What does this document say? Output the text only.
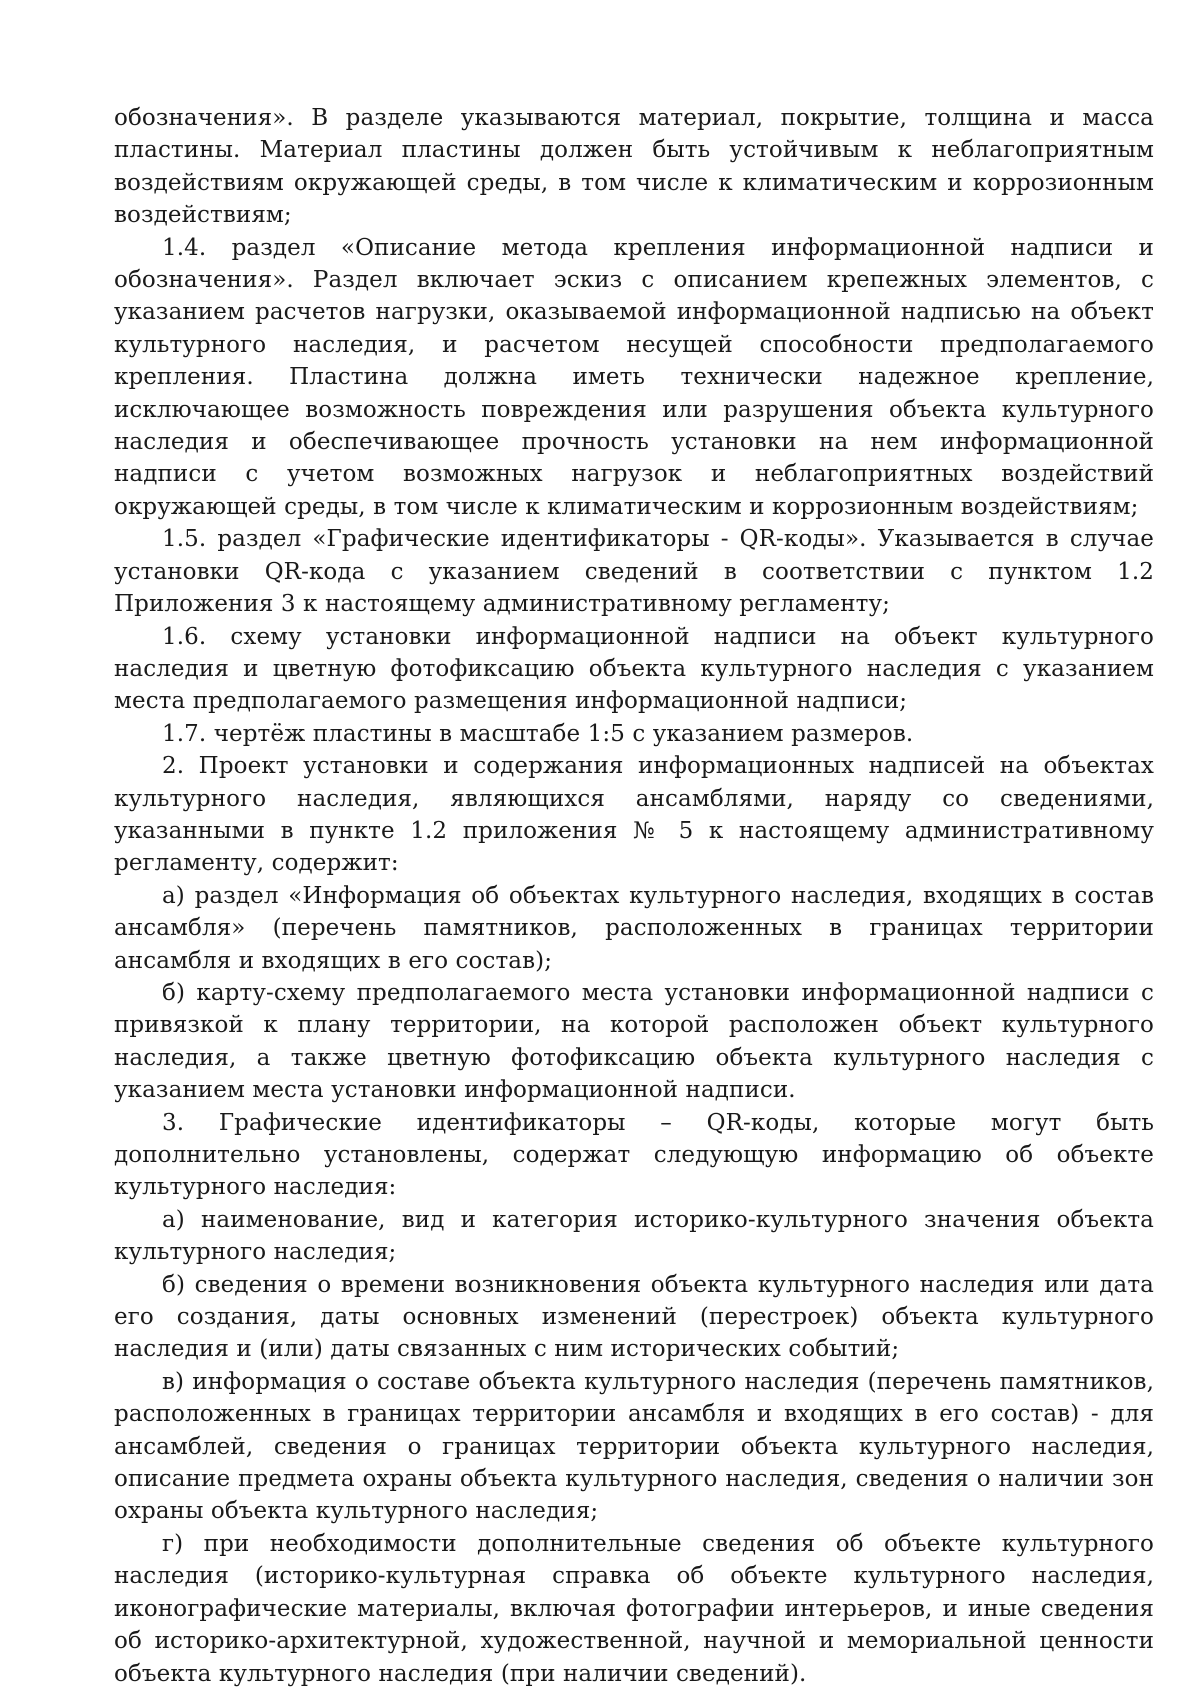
обозначения». В разделе указываются материал, покрытие, толщина и масса пластины. Материал пластины должен быть устойчивым к неблагоприятным воздействиям окружающей среды, в том числе к климатическим и коррозионным воздействиям;

1.4. раздел «Описание метода крепления информационной надписи и обозначения». Раздел включает эскиз с описанием крепежных элементов, с указанием расчетов нагрузки, оказываемой информационной надписью на объект культурного наследия, и расчетом несущей способности предполагаемого крепления. Пластина должна иметь технически надежное крепление, исключающее возможность повреждения или разрушения объекта культурного наследия и обеспечивающее прочность установки на нем информационной надписи с учетом возможных нагрузок и неблагоприятных воздействий окружающей среды, в том числе к климатическим и коррозионным воздействиям;

1.5. раздел «Графические идентификаторы - QR-коды». Указывается в случае установки QR-кода с указанием сведений в соответствии с пунктом 1.2 Приложения 3 к настоящему административному регламенту;

1.6. схему установки информационной надписи на объект культурного наследия и цветную фотофиксацию объекта культурного наследия с указанием места предполагаемого размещения информационной надписи;

1.7. чертёж пластины в масштабе 1:5 с указанием размеров.

2. Проект установки и содержания информационных надписей на объектах культурного наследия, являющихся ансамблями, наряду со сведениями, указанными в пункте 1.2 приложения № 5 к настоящему административному регламенту, содержит:

а) раздел «Информация об объектах культурного наследия, входящих в состав ансамбля» (перечень памятников, расположенных в границах территории ансамбля и входящих в его состав);

б) карту-схему предполагаемого места установки информационной надписи с привязкой к плану территории, на которой расположен объект культурного наследия, а также цветную фотофиксацию объекта культурного наследия с указанием места установки информационной надписи.

3. Графические идентификаторы – QR-коды, которые могут быть дополнительно установлены, содержат следующую информацию об объекте культурного наследия:

а) наименование, вид и категория историко-культурного значения объекта культурного наследия;

б) сведения о времени возникновения объекта культурного наследия или дата его создания, даты основных изменений (перестроек) объекта культурного наследия и (или) даты связанных с ним исторических событий;

в) информация о составе объекта культурного наследия (перечень памятников, расположенных в границах территории ансамбля и входящих в его состав) - для ансамблей, сведения о границах территории объекта культурного наследия, описание предмета охраны объекта культурного наследия, сведения о наличии зон охраны объекта культурного наследия;

г) при необходимости дополнительные сведения об объекте культурного наследия (историко-культурная справка об объекте культурного наследия, иконографические материалы, включая фотографии интерьеров, и иные сведения об историко-архитектурной, художественной, научной и мемориальной ценности объекта культурного наследия (при наличии сведений).
